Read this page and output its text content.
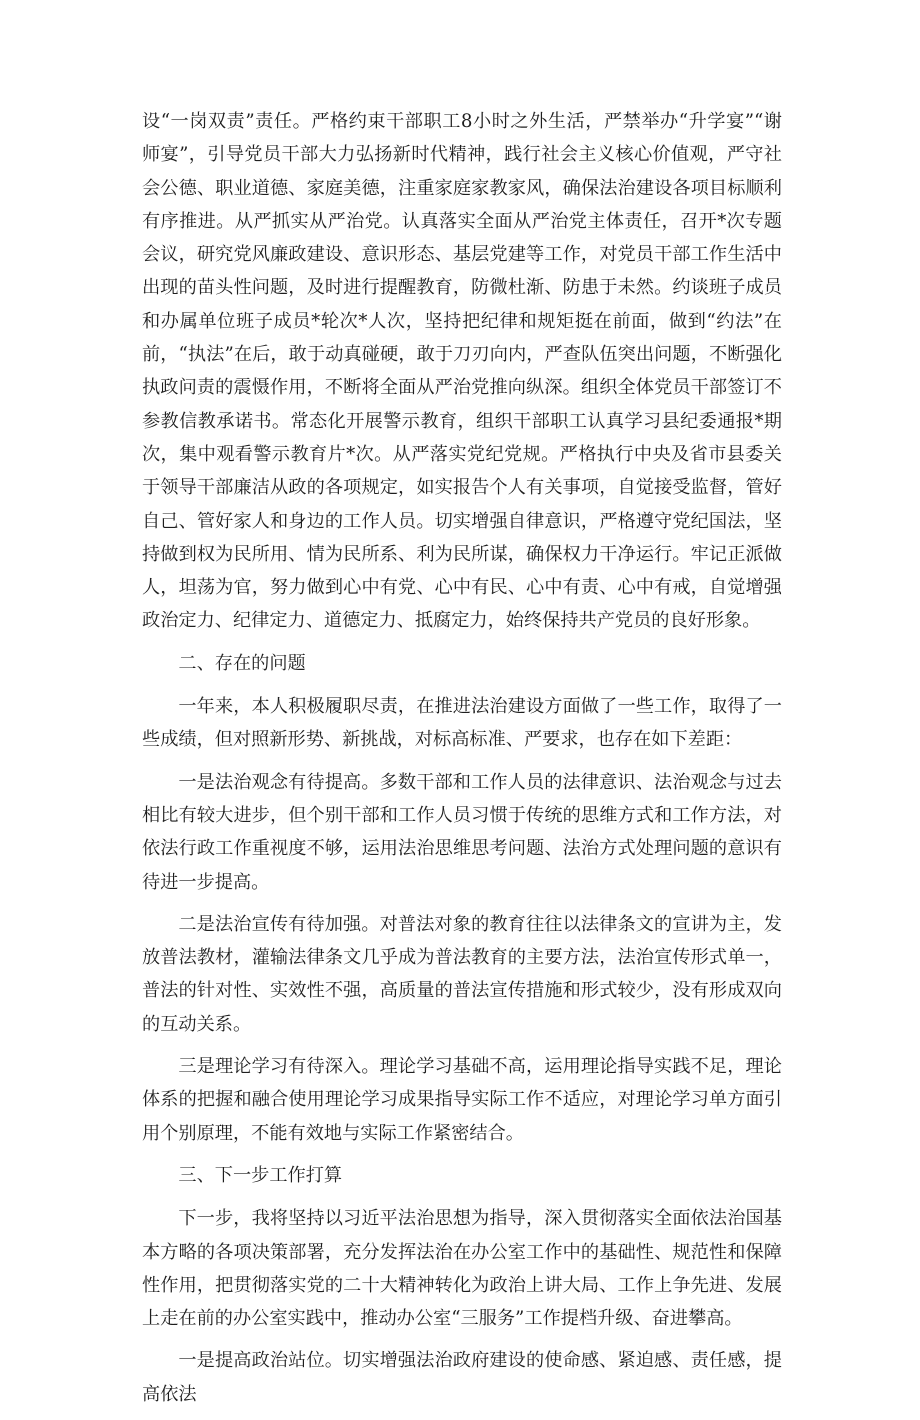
设“一岗双责”责任。严格约束干部职工8小时之外生活，严禁举办“升学宴”“谢师宴”，引导党员干部大力弘扬新时代精神，践行社会主义核心价值观，严守社会公德、职业道德、家庭美德，注重家庭家教家风，确保法治建设各项目标顺利有序推进。从严抓实从严治党。认真落实全面从严治党主体责任，召开*次专题会议，研究党风廉政建设、意识形态、基层党建等工作，对党员干部工作生活中出现的苗头性问题，及时进行提醒教育，防微杜渐、防患于未然。约谈班子成员和办属单位班子成员*轮次*人次，坚持把纪律和规矩挺在前面，做到“约法”在前，“执法”在后，敢于动真碰硬，敢于刀刃向内，严查队伍突出问题，不断强化执政问责的震慑作用，不断将全面从严治党推向纵深。组织全体党员干部签订不参教信教承诺书。常态化开展警示教育，组织干部职工认真学习县纪委通报*期次，集中观看警示教育片*次。从严落实党纪党规。严格执行中央及省市县委关于领导干部廉洁从政的各项规定，如实报告个人有关事项，自觉接受监督，管好自己、管好家人和身边的工作人员。切实增强自律意识，严格遵守党纪国法，坚持做到权为民所用、情为民所系、利为民所谋，确保权力干净运行。牢记正派做人，坦荡为官，努力做到心中有党、心中有民、心中有责、心中有戒，自觉增强政治定力、纪律定力、道德定力、抵腐定力，始终保持共产党员的良好形象。

二、存在的问题

一年来，本人积极履职尽责，在推进法治建设方面做了一些工作，取得了一些成绩，但对照新形势、新挑战，对标高标准、严要求，也存在如下差距：

一是法治观念有待提高。多数干部和工作人员的法律意识、法治观念与过去相比有较大进步，但个别干部和工作人员习惯于传统的思维方式和工作方法，对依法行政工作重视度不够，运用法治思维思考问题、法治方式处理问题的意识有待进一步提高。

二是法治宣传有待加强。对普法对象的教育往往以法律条文的宣讲为主，发放普法教材，灌输法律条文几乎成为普法教育的主要方法，法治宣传形式单一，普法的针对性、实效性不强，高质量的普法宣传措施和形式较少，没有形成双向的互动关系。

三是理论学习有待深入。理论学习基础不高，运用理论指导实践不足，理论体系的把握和融合使用理论学习成果指导实际工作不适应，对理论学习单方面引用个别原理，不能有效地与实际工作紧密结合。

三、下一步工作打算

下一步，我将坚持以习近平法治思想为指导，深入贯彻落实全面依法治国基本方略的各项决策部署，充分发挥法治在办公室工作中的基础性、规范性和保障性作用，把贯彻落实党的二十大精神转化为政治上讲大局、工作上争先进、发展上走在前的办公室实践中，推动办公室“三服务”工作提档升级、奋进攀高。

一是提高政治站位。切实增强法治政府建设的使命感、紧迫感、责任感，提高依法
